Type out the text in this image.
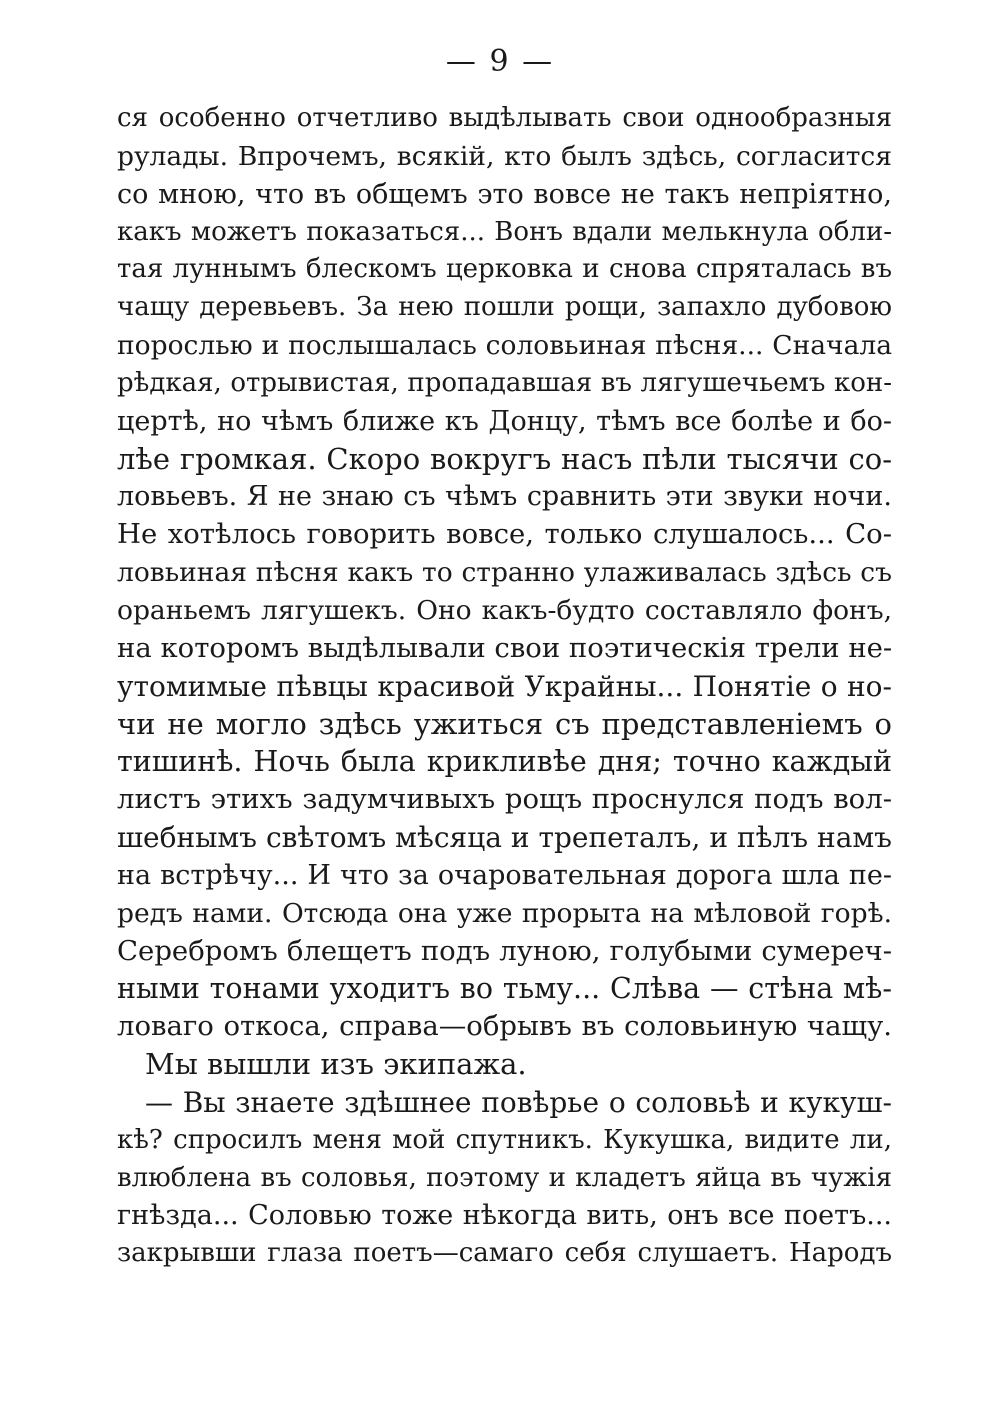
— 9 —
ся особенно отчетливо выдѣлывать свои однообразныя
рулады. Впрочемъ, всякій, кто былъ здѣсь, согласится
со мною, что въ общемъ это вовсе не такъ непріятно,
какъ можетъ показаться... Вонъ вдали мелькнула обли-
тая луннымъ блескомъ церковка и снова спряталась въ
чащу деревьевъ. За нею пошли рощи, запахло дубовою
порослью и послышалась соловьиная пѣсня... Сначала
рѣдкая, отрывистая, пропадавшая въ лягушечьемъ кон-
цертѣ, но чѣмъ ближе къ Донцу, тѣмъ все болѣе и бо-
лѣе громкая. Скоро вокругъ насъ пѣли тысячи со-
ловьевъ. Я не знаю съ чѣмъ сравнить эти звуки ночи.
Не хотѣлось говорить вовсе, только слушалось... Со-
ловьиная пѣсня какъ то странно улаживалась здѣсь съ
ораньемъ лягушекъ. Оно какъ-будто составляло фонъ,
на которомъ выдѣлывали свои поэтическія трели не-
утомимые пѣвцы красивой Украйны... Понятіе о но-
чи не могло здѣсь ужиться съ представленіемъ о
тишинѣ. Ночь была крикливѣе дня; точно каждый
листъ этихъ задумчивыхъ рощъ проснулся подъ вол-
шебнымъ свѣтомъ мѣсяца и трепеталъ, и пѣлъ намъ
на встрѣчу... И что за очаровательная дорога шла пе-
редъ нами. Отсюда она уже прорыта на мѣловой горѣ.
Серебромъ блещетъ подъ луною, голубыми сумереч-
ными тонами уходитъ во тьму... Слѣва — стѣна мѣ-
ловаго откоса, справа—обрывъ въ соловьиную чащу.
Мы вышли изъ экипажа.
— Вы знаете здѣшнее повѣрье о соловьѣ и кукуш-
кѣ? спросилъ меня мой спутникъ. Кукушка, видите ли,
влюблена въ соловья, поэтому и кладетъ яйца въ чужія
гнѣзда... Соловью тоже нѣкогда вить, онъ все поетъ...
закрывши глаза поетъ—самаго себя слушаетъ. Народъ
